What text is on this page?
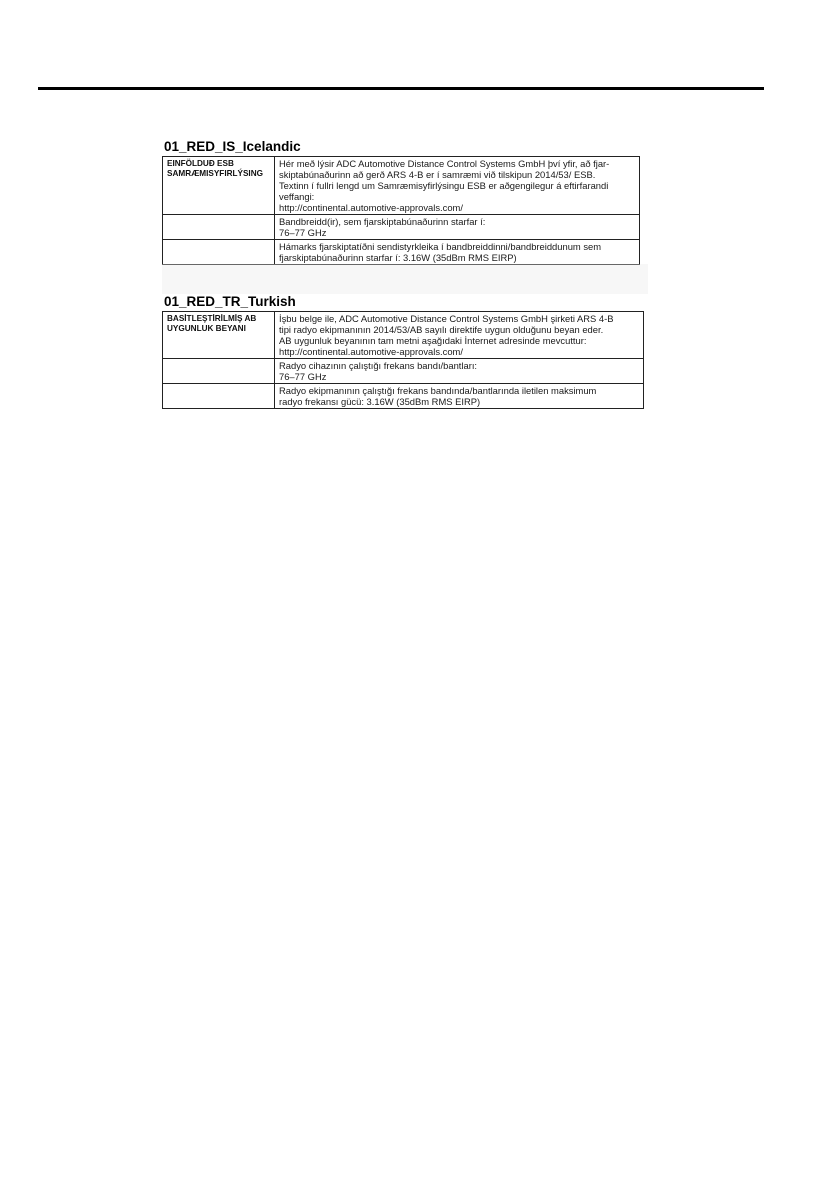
01_RED_IS_Icelandic
EINFÖLDUÐ ESB
SAMRÆMISYFIRLÝSING	Hér með lýsir ADC Automotive Distance Control Systems GmbH því yfir, að fjar-
skiptabúnaðurinn að gerð ARS 4-B er í samræmi við tilskipun 2014/53/ ESB.
Textinn í fullri lengd um Samræmisyfirlýsingu ESB er aðgengilegur á eftirfarandi
veffangi:
http://continental.automotive-approvals.com/

	Bandbreidd(ir), sem fjarskiptabúnaðurinn starfar í:
76–77 GHz

	Hámarks fjarskiptatíðni sendistyrkleika í bandbreiddinni/bandbreiddunum sem
fjarskiptabúnaðurinn starfar í: 3.16W (35dBm RMS EIRP)
01_RED_TR_Turkish
BASİTLEŞTİRİLMİŞ AB
UYGUNLUK BEYANI	İşbu belge ile, ADC Automotive Distance Control Systems GmbH şirketi ARS 4-B
tipi radyo ekipmanının 2014/53/AB sayılı direktife uygun olduğunu beyan eder.
AB uygunluk beyanının tam metni aşağıdaki İnternet adresinde mevcuttur:
http://continental.automotive-approvals.com/

	Radyo cihazının çalıştığı frekans bandı/bantları:
76–77 GHz

	Radyo ekipmanının çalıştığı frekans bandında/bantlarında iletilen maksimum
radyo frekansı gücü: 3.16W (35dBm RMS EIRP)
